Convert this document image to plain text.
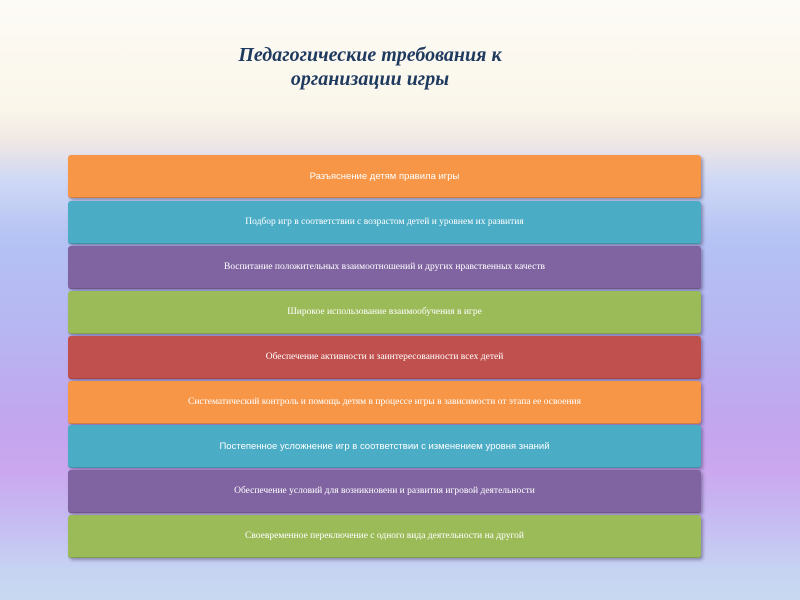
Педагогические требования к
организации игры
Разъяснение детям правила игры
Подбор игр в соответствии с возрастом детей и уровнем их развития
Воспитание положительных взаимоотношений и других нравственных качеств
Широкое использование взаимообучения в игре
Обеспечение активности и заинтересованности всех детей
Систематический контроль и помощь детям в процессе игры в зависимости от этапа ее освоения
Постепенное усложнение игр в соответствии с изменением уровня знаний
Обеспечение условий для возникновени и развития игровой деятельности
Своевременное переключение с одного вида деятельности на другой
